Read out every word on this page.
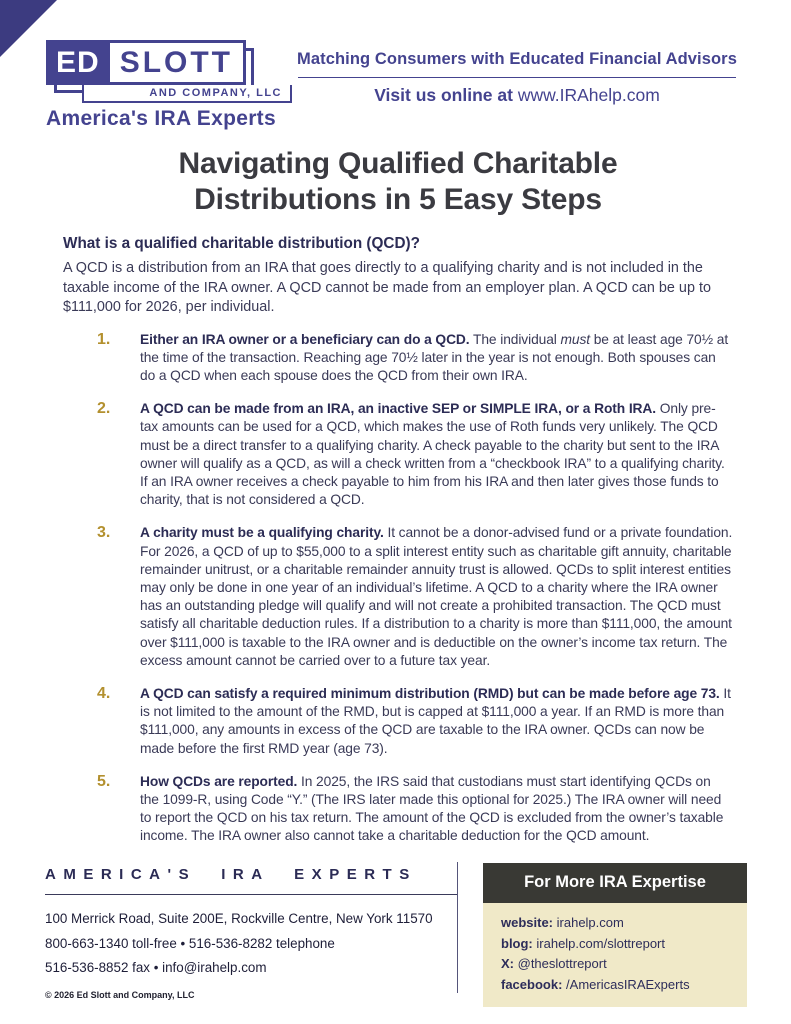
ED SLOTT
AND COMPANY, LLC
America's IRA Experts
Matching Consumers with Educated Financial Advisors
Visit us online at www.IRAhelp.com
Navigating Qualified Charitable
Distributions in 5 Easy Steps
What is a qualified charitable distribution (QCD)?

A QCD is a distribution from an IRA that goes directly to a qualifying charity and is not included in the taxable income of the IRA owner. A QCD cannot be made from an employer plan. A QCD can be up to $111,000 for 2026, per individual.

1.	Either an IRA owner or a beneficiary can do a QCD. The individual must be at least age 70½ at the time of the transaction. Reaching age 70½ later in the year is not enough. Both spouses can do a QCD when each spouse does the QCD from their own IRA.

2.	A QCD can be made from an IRA, an inactive SEP or SIMPLE IRA, or a Roth IRA. Only pre-tax amounts can be used for a QCD, which makes the use of Roth funds very unlikely. The QCD must be a direct transfer to a qualifying charity. A check payable to the charity but sent to the IRA owner will qualify as a QCD, as will a check written from a “checkbook IRA” to a qualifying charity. If an IRA owner receives a check payable to him from his IRA and then later gives those funds to charity, that is not considered a QCD.

3.	A charity must be a qualifying charity. It cannot be a donor-advised fund or a private foundation. For 2026, a QCD of up to $55,000 to a split interest entity such as charitable gift annuity, charitable remainder unitrust, or a charitable remainder annuity trust is allowed. QCDs to split interest entities may only be done in one year of an individual’s lifetime. A QCD to a charity where the IRA owner has an outstanding pledge will qualify and will not create a prohibited transaction. The QCD must satisfy all charitable deduction rules. If a distribution to a charity is more than $111,000, the amount over $111,000 is taxable to the IRA owner and is deductible on the owner’s income tax return. The excess amount cannot be carried over to a future tax year.

4.	A QCD can satisfy a required minimum distribution (RMD) but can be made before age 73. It is not limited to the amount of the RMD, but is capped at $111,000 a year. If an RMD is more than $111,000, any amounts in excess of the QCD are taxable to the IRA owner. QCDs can now be made before the first RMD year (age 73).

5.	How QCDs are reported. In 2025, the IRS said that custodians must start identifying QCDs on the 1099-R, using Code “Y.” (The IRS later made this optional for 2025.) The IRA owner will need to report the QCD on his tax return. The amount of the QCD is excluded from the owner’s taxable income. The IRA owner also cannot take a charitable deduction for the QCD amount.

AMERICA'S IRA EXPERTS
100 Merrick Road, Suite 200E, Rockville Centre, New York 11570
800-663-1340 toll-free • 516-536-8282 telephone
516-536-8852 fax • info@irahelp.com
© 2026 Ed Slott and Company, LLC
For More IRA Expertise
website: irahelp.com
blog: irahelp.com/slottreport
X: @theslottreport
facebook: /AmericasIRAExperts
